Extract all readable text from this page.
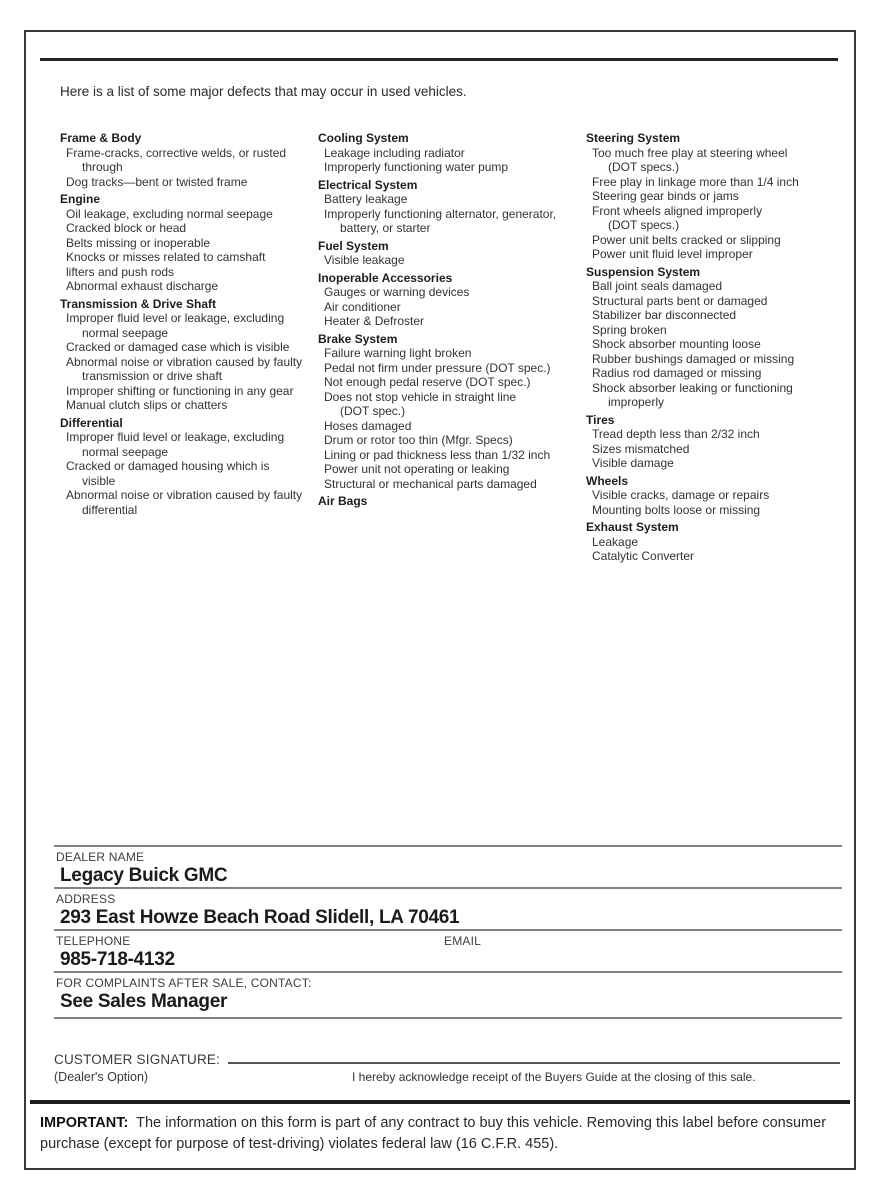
Here is a list of some major defects that may occur in used vehicles.

Frame & Body
Frame-cracks, corrective welds, or rusted
through
Dog tracks—bent or twisted frame
Engine
Oil leakage, excluding normal seepage
Cracked block or head
Belts missing or inoperable
Knocks or misses related to camshaft
lifters and push rods
Abnormal exhaust discharge
Transmission & Drive Shaft
Improper fluid level or leakage, excluding
normal seepage
Cracked or damaged case which is visible
Abnormal noise or vibration caused by faulty
transmission or drive shaft
Improper shifting or functioning in any gear
Manual clutch slips or chatters
Differential
Improper fluid level or leakage, excluding
normal seepage
Cracked or damaged housing which is
visible
Abnormal noise or vibration caused by faulty
differential
Cooling System
Leakage including radiator
Improperly functioning water pump
Electrical System
Battery leakage
Improperly functioning alternator, generator,
battery, or starter
Fuel System
Visible leakage
Inoperable Accessories
Gauges or warning devices
Air conditioner
Heater & Defroster
Brake System
Failure warning light broken
Pedal not firm under pressure (DOT spec.)
Not enough pedal reserve (DOT spec.)
Does not stop vehicle in straight line
(DOT spec.)
Hoses damaged
Drum or rotor too thin (Mfgr. Specs)
Lining or pad thickness less than 1/32 inch
Power unit not operating or leaking
Structural or mechanical parts damaged
Air Bags
Steering System
Too much free play at steering wheel
(DOT specs.)
Free play in linkage more than 1/4 inch
Steering gear binds or jams
Front wheels aligned improperly
(DOT specs.)
Power unit belts cracked or slipping
Power unit fluid level improper
Suspension System
Ball joint seals damaged
Structural parts bent or damaged
Stabilizer bar disconnected
Spring broken
Shock absorber mounting loose
Rubber bushings damaged or missing
Radius rod damaged or missing
Shock absorber leaking or functioning
improperly
Tires
Tread depth less than 2/32 inch
Sizes mismatched
Visible damage
Wheels
Visible cracks, damage or repairs
Mounting bolts loose or missing
Exhaust System
Leakage
Catalytic Converter
DEALER NAME
Legacy Buick GMC
ADDRESS
293 East Howze Beach Road Slidell, LA 70461
TELEPHONE
985-718-4132
EMAIL
FOR COMPLAINTS AFTER SALE, CONTACT:
See Sales Manager
CUSTOMER SIGNATURE:
(Dealer's Option)	I hereby acknowledge receipt of the Buyers Guide at the closing of this sale.

IMPORTANT: The information on this form is part of any contract to buy this vehicle. Removing this label before consumer purchase (except for purpose of test-driving) violates federal law (16 C.F.R. 455).
